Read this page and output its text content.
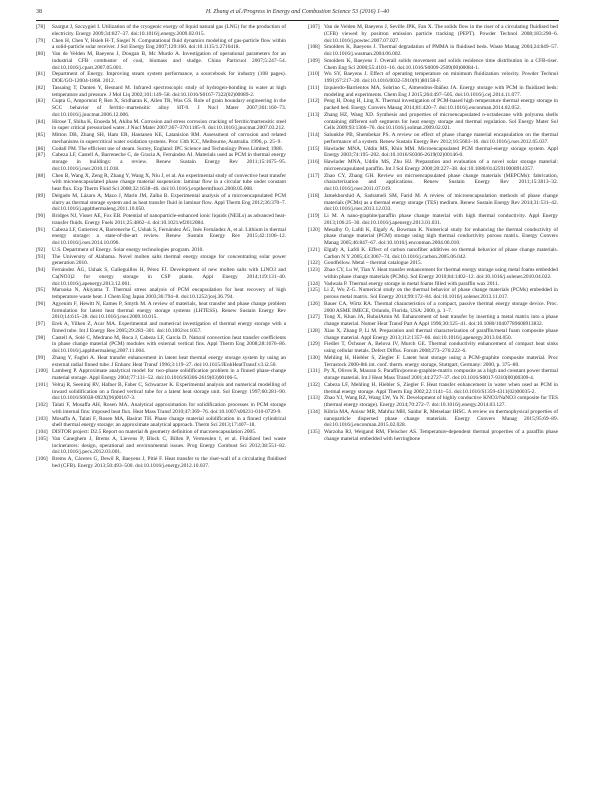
38	H. Zhang et al./Progress in Energy and Combustion Science 53 (2016) 1–40
[78] Szargut J, Szczygiel I. Utilization of the cryogenic exergy of liquid natural gas (LNG) for the production of electricity. Energy 2009;34:827–37. doi:10.1016/j.energy.2009.02.015.
[79] Chen H, Chen Y, Hsieh H-T, Siegel N. Computational fluid dynamics modeling of gas-particle flow within a solid-particle solar receiver. J Sol Energy Eng 2007;129:160. doi:10.1115/1.2716418.
[80] Van de Velden M, Baeyens J, Dougan B, Mc Murdo A. Investigation of operational parameters for an industrial CFB combustor of coal, biomass and sludge. China Particuol 2007;5:247–54. doi:10.1016/j.cpart.2007.05.001.
[81] Department of Energy. Improving steam system performance, a sourcebook for industry (108 pages). DOE/GO-12004-1868. 2012.
[82] Tassaing T, Danten Y, Besnard M. Infrared spectroscopic study of hydrogen-bonding in water at high temperature and pressure. J Mol Liq 2002;101:149–58. doi:10.1016/S0167-7322(02)00089-2.
[83] Gupta G, Ampornrat P, Ren X, Sridharan K, Allen TR, Was GS. Role of grain boundary engineering in the SCC behavior of ferritic–martensitic alloy HT-9. J Nucl Mater 2007;361:160–73. doi:10.1016/j.jnucmat.2006.12.006.
[84] Hirose T, Shiba K, Enoeda M, Akiba M. Corrosion and stress corrosion cracking of ferritic/martensitic steel in super critical pressurized water. J Nucl Mater 2007;367–370:1185–9. doi:10.1016/j.jnucmat.2007.03.212.
[85] Mitton DB, Zhang SH, Ham ER, Hautanen KE, Latanision RM. Assessment of corrosion and related mechanisms in supercritical water oxidation systems. Proc 13th ICC, Melbourne, Australia. 1996, p. 25–9.
[86] Godall PM. The efficient use of steam. Surrey, England: IPC Science and Technology Press Limited; 1980.
[87] Cabeza LF, Castell A, Barreneche C, de Gracia A, Fernández AI. Materials used as PCM in thermal energy storage in buildings: a review. Renew Sustain Energy Rev 2011;15:1675–95. doi:10.1016/j.rser.2010.11.018.
[88] Chen B, Wang X, Zeng R, Zhang Y, Wang X, Niu J, et al. An experimental study of convective heat transfer with microencapsulated phase change material suspension: laminar flow in a circular tube under constant heat flux. Exp Therm Fluid Sci 2008;32:1638–46. doi:10.1016/j.expthermflusci.2008.05.008.
[89] Delgado M, Lázaro A, Mazo J, Marín JM, Zalba B. Experimental analysis of a microencapsulated PCM slurry as thermal storage system and as heat transfer fluid in laminar flow. Appl Therm Eng 2012;36:370–7. doi:10.1016/j.applthermaleng.2011.10.050.
[90] Bridges NJ, Visser AE, Fox EB. Potential of nanoparticle-enhanced ionic liquids (NEILs) as advanced heat-transfer fluids. Energy Fuels 2011;25:4862–4. doi:10.1021/ef2012084.
[91] Cabeza LF, Gutierrez A, Barreneche C, Ushak S, Fernández ÁG, Inés Fernández A, et al. Lithium in thermal energy storage: a state-of-the-art review. Renew Sustain Energy Rev 2015;42:1106–12. doi:10.1016/j.rser.2014.10.096.
[92] U.S. Department of Energy. Solar energy technologies program. 2010.
[93] The University of Alabama. Novel molten salts thermal energy storage for concentrating solar power generation 2010.
[94] Fernández ÁG, Ushak S, Galleguillos H, Pérez FJ. Development of new molten salts with LiNO3 and Ca(NO3)2 for energy storage in CSP plants. Appl Energy 2014;119:131–40. doi:10.1016/j.apenergy.2013.12.061.
[95] Maruoka N, Akiyama T. Thermal stress analysis of PCM encapsulation for heat recovery of high temperature waste heat. J Chem Eng Japan 2003;36:794–8. doi:10.1252/jcej.36.794.
[96] Agyenim F, Hewitt N, Eames P, Smyth M. A review of materials, heat transfer and phase change problem formulation for latent heat thermal energy storage systems (LHTESS). Renew Sustain Energy Rev 2010;14:615–28. doi:10.1016/j.rser.2009.10.015.
[97] Erek A, Yilken Z, Acar MA. Experimental and numerical investigation of thermal energy storage with a finned tube. Int J Energy Res 2005;29:283–301. doi:10.1002/er.1057.
[98] Castell A, Solé C, Medrano M, Roca J, Cabeza LF, García D. Natural convection heat transfer coefficients in phase change material (PCM) modules with external vertical fins. Appl Therm Eng 2008;28:1676–86. doi:10.1016/j.applthermaleng.2007.11.004.
[99] Zhang Y, Faghri A. Heat transfer enhancement in latent heat thermal energy storage system by using an external radial finned tube. J Enhanc Heat Transf 1996;3:119–27. doi:10.1615/JEnhHeatTransf.v3.i2.50.
[100] Lamberg P. Approximate analytical model for two-phase solidification problem in a finned phase-change material storage. Appl Energy 2004;77:131–52. doi:10.1016/S0306-2619(03)00106-5.
[101] Velraj R, Seeniraj RV, Hafner B, Faber C, Schwarzer K. Experimental analysis and numerical modelling of inward solidification on a finned vertical tube for a latent heat storage unit. Sol Energy 1997;60:281–90. doi:10.1016/S0038-092X(96)00167-3.
[102] Talati F, Mosaffa AH, Rosen MA. Analytical approximation for solidification processes in PCM storage with internal fins: imposed heat flux. Heat Mass Transf 2010;47:369–76. doi:10.1007/s00231-010-0729-9.
[103] Mosaffa A, Talati F, Rosen MA, Basirat TH. Phase change material solidification in a finned cylindrical shell thermal energy storage: an approximate analytical approach. Therm Sci 2013;17:407–18.
[104] DISTOR project: D2.5 Report on material & geometry definition of macroencapsulation 2005.
[105] Van Caneghem J, Brems A, Lievens P, Block C, Billen P, Vermeulen I, et al. Fluidized bed waste incinerators: design, operational and environmental issues. Prog Energy Combust Sci 2012;38:551–82. doi:10.1016/j.pecs.2012.03.001.
[106] Brems A, Cáceres G, Dewil R, Baeyens J, Pitié F. Heat transfer to the riser-wall of a circulating fluidised bed (CFB). Energy 2013;50:493–500. doi:10.1016/j.energy.2012.10.037.
[107] Van de Velden M, Baeyens J, Seville JPK, Fan X. The solids flow in the riser of a circulating fluidised bed (CFB) viewed by positron emission particle tracking (PEPT). Powder Technol 2008;183:290–6. doi:10.1016/j.powtec.2007.07.027.
[108] Smolders K, Baeyens J. Thermal degradation of PMMA in fluidised beds. Waste Manag 2004;24:849–57. doi:10.1016/j.wasman.2004.06.002.
[109] Smolders K, Baeyens J. Overall solids movement and solids residence time distribution in a CFB-riser. Chem Eng Sci 2000;55:4101–16. doi:10.1016/S0009-2509(00)00084-1.
[110] Wu SY, Baeyens J. Effect of operating temperature on minimum fluidization velocity. Powder Technol 1991;67:217–20. doi:10.1016/0032-5910(91)80158-F.
[111] Izquierdo-Barrientos MA, Sobrino C, Almendros-Ibáñez JA. Energy storage with PCM in fluidized beds: modeling and experiments. Chem Eng J 2015;264:497–505. doi:10.1016/j.cej.2014.11.077.
[112] Peng H, Dong H, Ling X. Thermal investigation of PCM-based high temperature thermal energy storage in packed bed. Energy Convers Manag 2014;81:420–7. doi:10.1016/j.enconman.2014.02.052.
[113] Zhang HZ, Wang XD. Synthesis and properties of microencapsulated n-octadecane with polyurea shells containing different soft segments for heat energy storage and thermal regulation. Sol Energy Mater Sol Cells 2009;93:1366–76. doi:10.1016/j.solmat.2009.02.021.
[114] Salunkhe PB, Shembekar PS. A review on effect of phase change material encapsulation on the thermal performance of a system. Renew Sustain Energy Rev 2012;16:5603–16. doi:10.1016/j.rser.2012.05.037.
[115] Hawlader MNA, Uddin MS, Khin MM. Microencapsulated PCM thermal-energy storage system. Appl Energy 2003;74:195–202. doi:10.1016/S0306-2619(02)00146-0.
[116] Hawlader MNA, Uddin MS, Zhu HJ. Preparation and evaluation of a novel solar storage material: microencapsulated paraffin. Int J Sol Energy 2000;20:227–38. doi:10.1080/01425910008914357.
[117] Zhao CY, Zhang GH. Review on microencapsulated phase change materials (MEPCMs): fabrication, characterization and applications. Renew Sustain Energy Rev 2011;15:3813–32. doi:10.1016/j.rser.2011.07.019.
[118] Jamekhorshid A, Sadrameli SM, Farid M. A review of microencapsulation methods of phase change materials (PCMs) as a thermal energy storage (TES) medium. Renew Sustain Energy Rev 2014;31:531–42. doi:10.1016/j.rser.2013.12.033.
[119] Li M. A nano-graphite/paraffin phase change material with high thermal conductivity. Appl Energy 2013;106:25–30. doi:10.1016/j.apenergy.2013.01.031.
[120] Mesalhy O, Lafdi K, Elgafy A, Bowman K. Numerical study for enhancing the thermal conductivity of phase change material (PCM) storage using high thermal conductivity porous matrix. Energy Convers Manag 2005;46:847–67. doi:10.1016/j.enconman.2004.06.010.
[121] Elgafy A, Lafdi K. Effect of carbon nanofiber additives on thermal behavior of phase change materials. Carbon N Y 2005;43:3067–74. doi:10.1016/j.carbon.2005.06.042.
[122] Goodfellow. Metal – thermal catalogue 2015.
[123] Zhao CY, Lu W, Tian Y. Heat transfer enhancement for thermal energy storage using metal foams embedded within phase change materials (PCMs). Sol Energy 2010;84:1402–12. doi:10.1016/j.solener.2010.04.022.
[124] Vadwala P. Thermal energy storage in metal foams filled with paraffin wax 2011.
[125] Li Z, Wu Z-G. Numerical study on the thermal behavior of phase change materials (PCMs) embedded in porous metal matrix. Sol Energy 2014;99:172–84. doi:10.1016/j.solener.2013.11.017.
[126] Bauer CA, Wirtz RA. Thermal characteristics of a compact, passive thermal energy storage device. Proc. 2000 ASME IMECE, Orlando, Florida, USA: 2000, p. 1–7.
[127] Tong X, Khan JA, RuhulAmin M. Enhancement of heat transfer by inserting a metal matrix into a phase change material. Numer Heat Transf Part A Appl 1996;30:125–41. doi:10.1080/10407789608913832.
[128] Xiao X, Zhang P, Li M. Preparation and thermal characterization of paraffin/metal foam composite phase change material. Appl Energy 2013;112:1357–66. doi:10.1016/j.apenergy.2013.04.050.
[129] Fiedler T, Öchsner A, Belova IV, Murch GE. Thermal conductivity enhancement of compact heat sinks using cellular metals. Defect Diffus. Forum 2008;273–276:222–6.
[130] Mehling H, Hiebler S, Ziegler F. Latent heat storage using a PCM-graphite composite material. Proc Terrastock 2000-8th int. conf. therm. energy storage, Stuttgart, Germany: 2000, p. 375–80.
[131] Py X, Olives R, Mauran S. Paraffin/porous-graphite-matrix composite as a high and constant power thermal storage material. Int J Heat Mass Transf 2001;44:2727–37. doi:10.1016/S0017-9310(00)00309-4.
[132] Cabeza LF, Mehling H, Hiebler S, Ziegler F. Heat transfer enhancement in water when used as PCM in thermal energy storage. Appl Therm Eng 2002;22:1141–51. doi:10.1016/S1359-4311(02)00035-2.
[133] Zhao YJ, Wang RZ, Wang LW, Yu N. Development of highly conductive KNO3/NaNO3 composite for TES (thermal energy storage). Energy 2014;70:272–7. doi:10.1016/j.energy.2014.03.127.
[134] Kibria MA, Anisur MR, Mahfuz MH, Saidur R, Metselaar IHSC. A review on thermophysical properties of nanoparticle dispersed phase change materials. Energy Convers Manag 2015;95:69–89. doi:10.1016/j.enconman.2015.02.028.
[135] Warzoha RJ, Weigand RM, Fleischer AS. Temperature-dependent thermal properties of a paraffin phase change material embedded with herringbone
